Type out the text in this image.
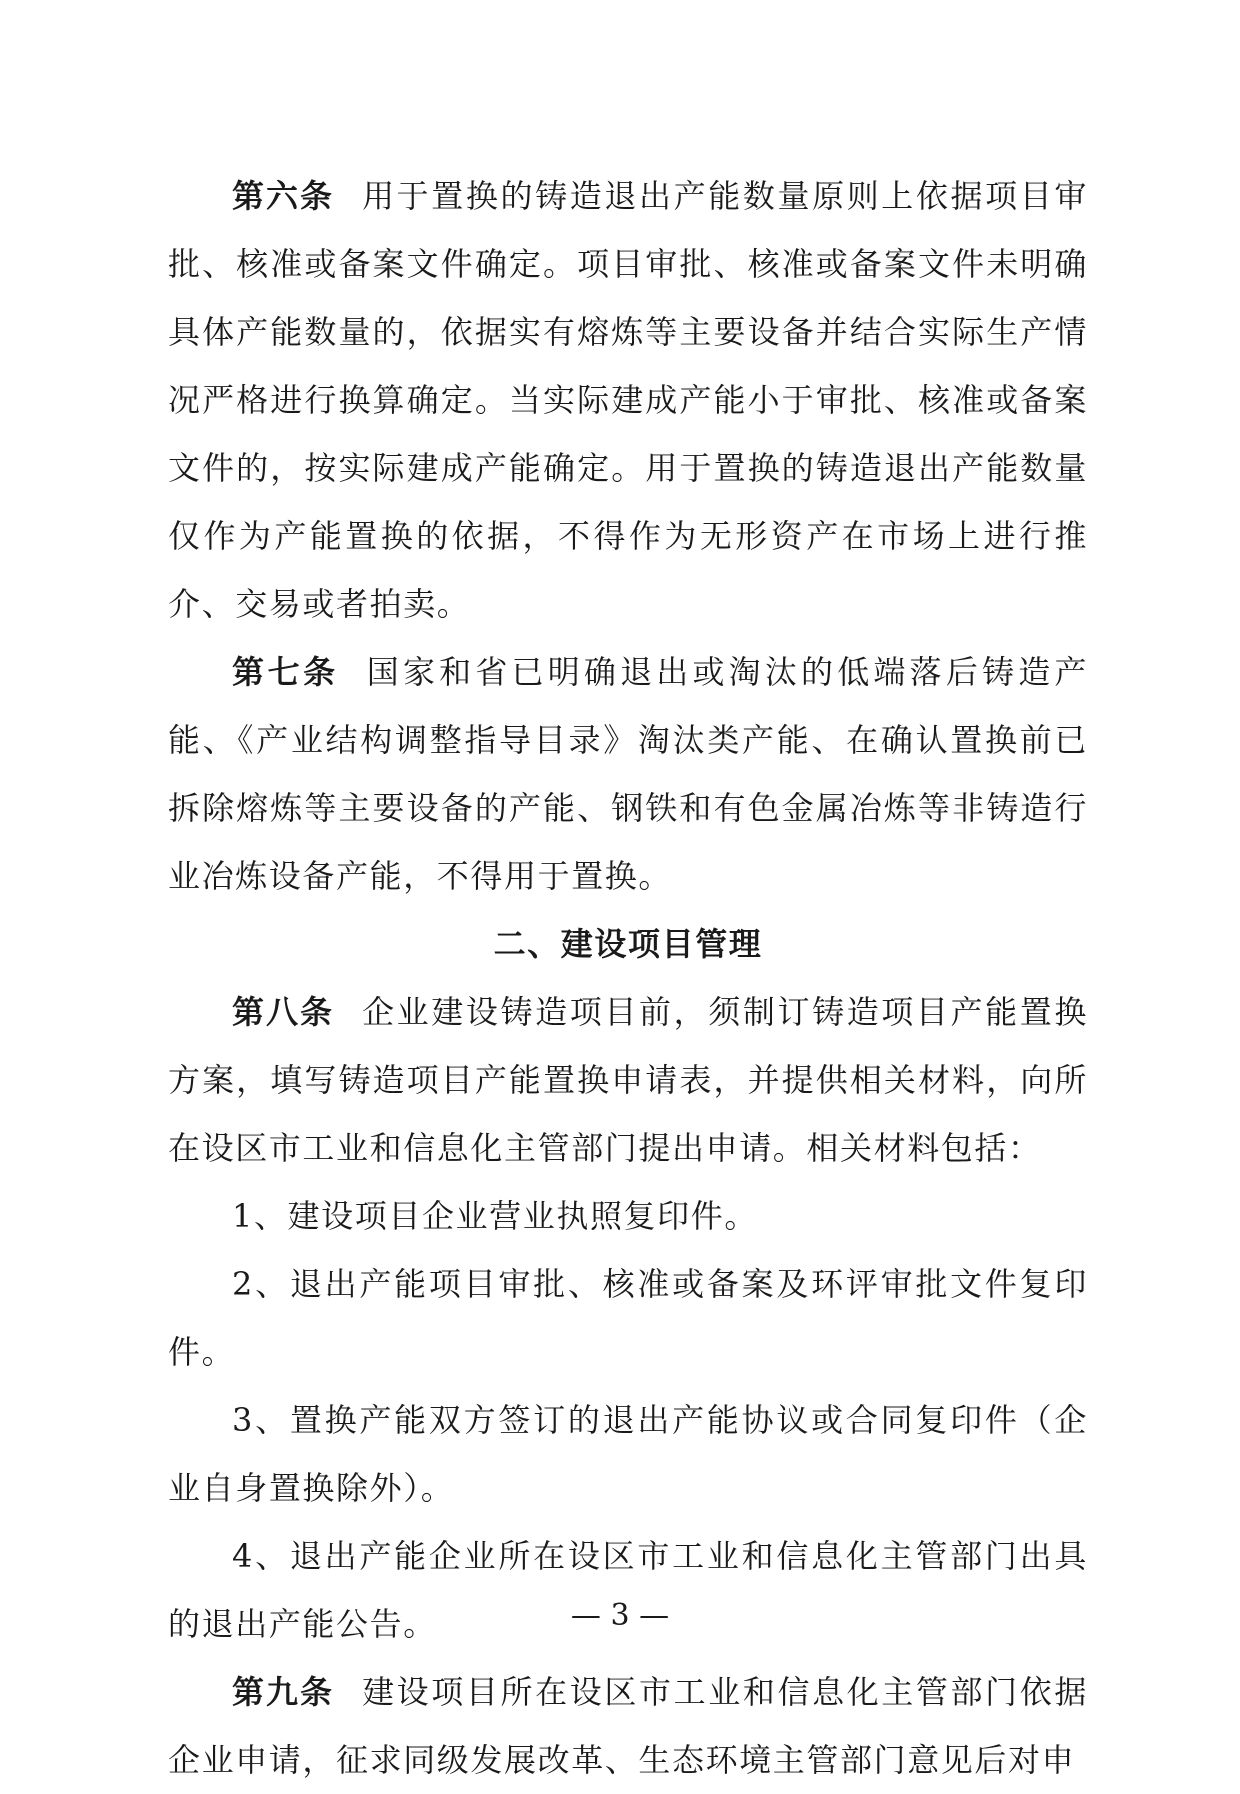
第六条 用于置换的铸造退出产能数量原则上依据项目审批、核准或备案文件确定。项目审批、核准或备案文件未明确具体产能数量的，依据实有熔炼等主要设备并结合实际生产情况严格进行换算确定。当实际建成产能小于审批、核准或备案文件的，按实际建成产能确定。用于置换的铸造退出产能数量仅作为产能置换的依据，不得作为无形资产在市场上进行推介、交易或者拍卖。

第七条 国家和省已明确退出或淘汰的低端落后铸造产能、《产业结构调整指导目录》淘汰类产能、在确认置换前已拆除熔炼等主要设备的产能、钢铁和有色金属冶炼等非铸造行业冶炼设备产能，不得用于置换。

二、建设项目管理

第八条 企业建设铸造项目前，须制订铸造项目产能置换方案，填写铸造项目产能置换申请表，并提供相关材料，向所在设区市工业和信息化主管部门提出申请。相关材料包括：

1、建设项目企业营业执照复印件。

2、退出产能项目审批、核准或备案及环评审批文件复印件。

3、置换产能双方签订的退出产能协议或合同复印件（企业自身置换除外）。

4、退出产能企业所在设区市工业和信息化主管部门出具的退出产能公告。

第九条 建设项目所在设区市工业和信息化主管部门依据企业申请，征求同级发展改革、生态环境主管部门意见后对申

— 3 —
